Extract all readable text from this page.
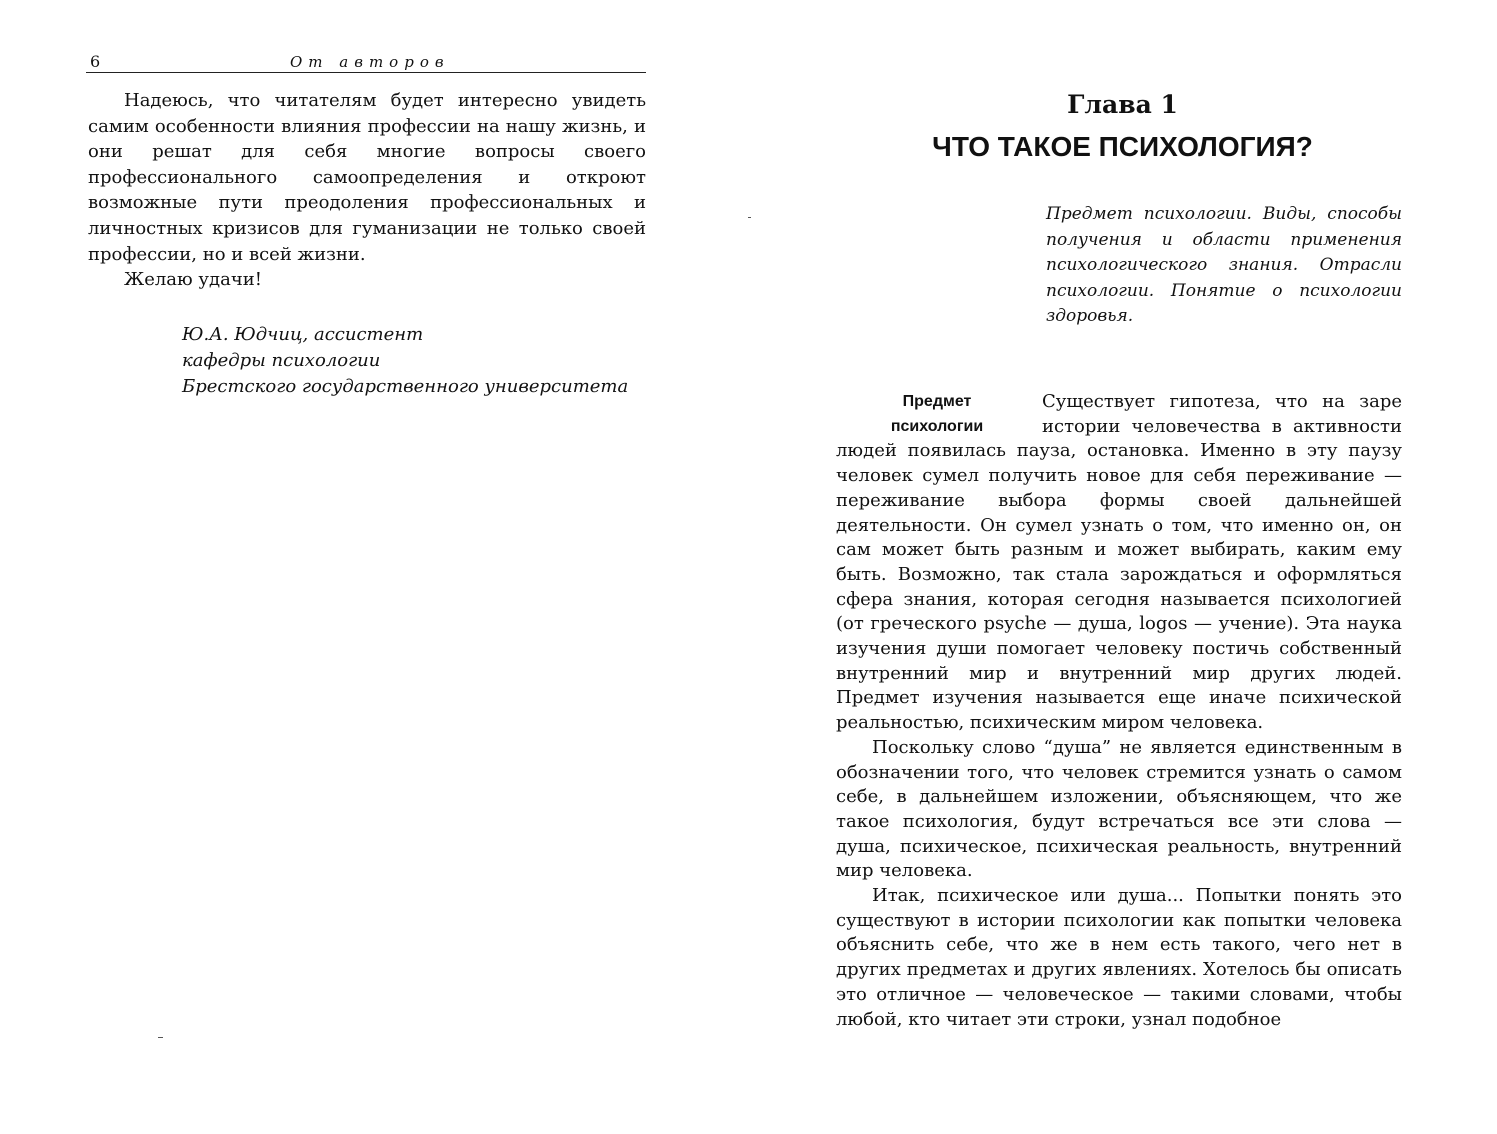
6	От авторов

Надеюсь, что читателям будет интересно увидеть самим особенности влияния профессии на нашу жизнь, и они решат для себя многие вопросы своего профессионального самоопределения и откроют возможные пути преодоления профессиональных и личностных кризисов для гуманизации не только своей профессии, но и всей жизни.

Желаю удачи!

Ю.А. Юдчиц, ассистент
кафедры психологии
Брестского государственного университета
Глава 1
ЧТО ТАКОЕ ПСИХОЛОГИЯ?

Предмет психологии. Виды, способы получения и области применения психологического знания. Отрасли психологии. Понятие о психологии здоровья.

Предмет
психологии

Существует гипотеза, что на заре истории человечества в активности людей появилась пауза, остановка. Именно в эту паузу человек сумел получить новое для себя переживание — переживание выбора формы своей дальнейшей деятельности. Он сумел узнать о том, что именно он, он сам может быть разным и может выбирать, каким ему быть. Возможно, так стала зарождаться и оформляться сфера знания, которая сегодня называется психологией (от греческого psyche — душа, logos — учение). Эта наука изучения души помогает человеку постичь собственный внутренний мир и внутренний мир других людей. Предмет изучения называется еще иначе психической реальностью, психическим миром человека.

Поскольку слово “душа” не является единственным в обозначении того, что человек стремится узнать о самом себе, в дальнейшем изложении, объясняющем, что же такое психология, будут встречаться все эти слова — душа, психическое, психическая реальность, внутренний мир человека.

Итак, психическое или душа... Попытки понять это существуют в истории психологии как попытки человека объяснить себе, что же в нем есть такого, чего нет в других предметах и других явлениях. Хотелось бы описать это отличное — человеческое — такими словами, чтобы любой, кто читает эти строки, узнал подобное
